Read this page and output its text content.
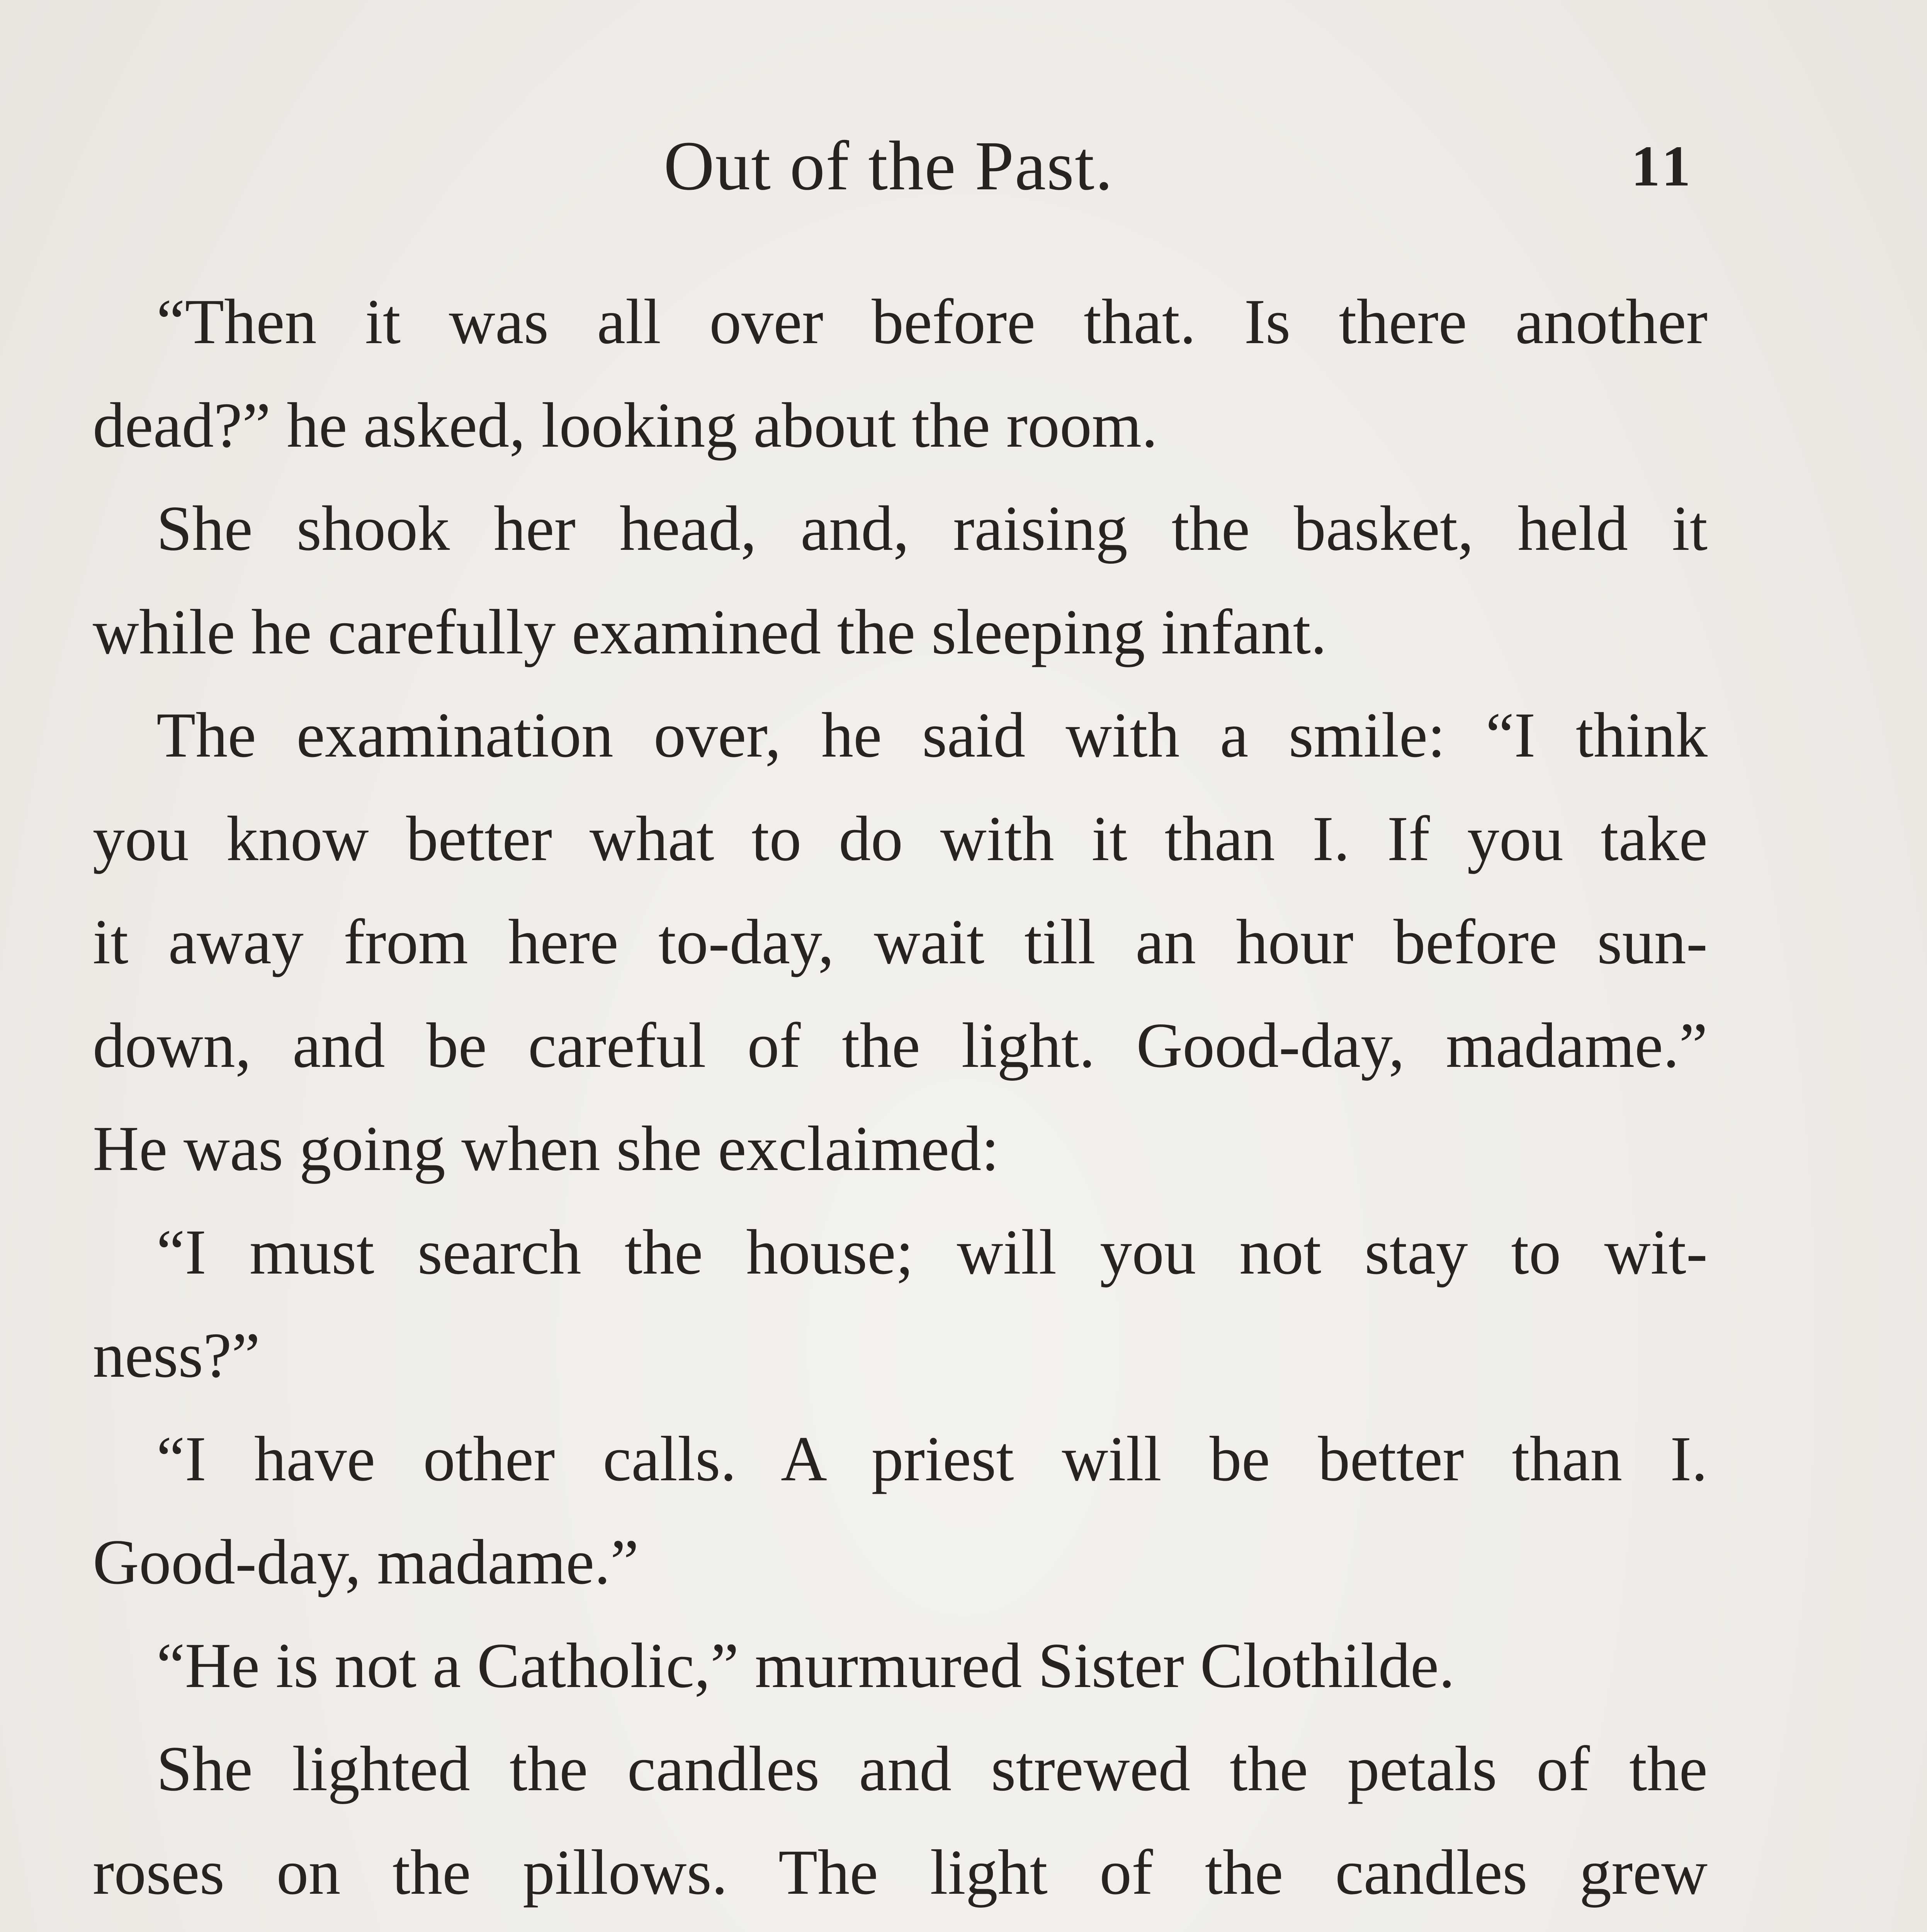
Out of the Past.	11
“Then it was all over before that. Is there another
dead?” he asked, looking about the room.
She shook her head, and, raising the basket, held it
while he carefully examined the sleeping infant.
The examination over, he said with a smile: “I think
you know better what to do with it than I. If you take
it away from here to-day, wait till an hour before sun-
down, and be careful of the light. Good-day, madame.”
He was going when she exclaimed:
“I must search the house; will you not stay to wit-
ness?”
“I have other calls. A priest will be better than I.
Good-day, madame.”
“He is not a Catholic,” murmured Sister Clothilde.
She lighted the candles and strewed the petals of the
roses on the pillows. The light of the candles grew
